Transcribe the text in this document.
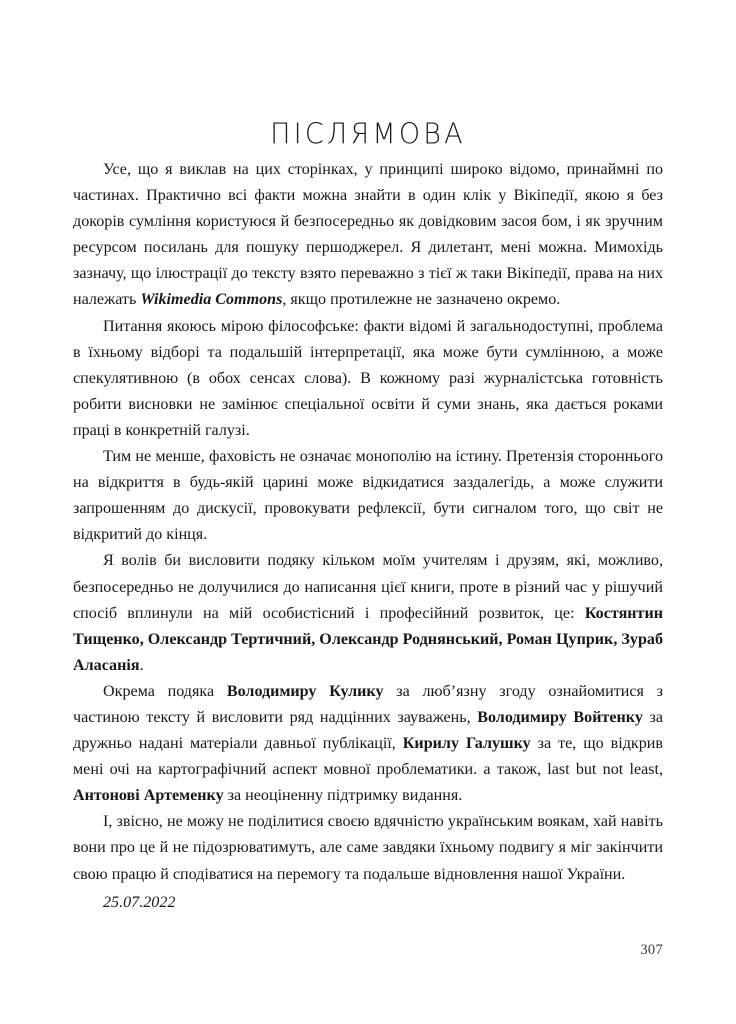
ПІСЛЯМОВА

Усе, що я виклав на цих сторінках, у принципі широко відомо, принаймні по частинах. Практично всі факти можна знайти в один клік у Вікіпедії, якою я без докорів сумління користуюся й безпосередньо як довідковим засоя бом, і як зручним ресурсом посилань для пошуку першоджерел. Я дилетант, мені можна. Мимохідь зазначу, що ілюстрації до тексту взято переважно з тієї ж таки Вікіпедії, права на них належать Wikimedia Commons, якщо протилежне не зазначено окремо.

Питання якоюсь мірою філософське: факти відомі й загальнодоступні, проблема в їхньому відборі та подальшій інтерпретації, яка може бути сумлінною, а може спекулятивною (в обох сенсах слова). В кожному разі журналістська готовність робити висновки не замінює спеціальної освіти й суми знань, яка дається роками праці в конкретній галузі.

Тим не менше, фаховість не означає монополію на істину. Претензія стороннього на відкриття в будь-якій царині може відкидатися заздалегідь, а може служити запрошенням до дискусії, провокувати рефлексії, бути сигналом того, що світ не відкритий до кінця.

Я волів би висловити подяку кільком моїм учителям і друзям, які, можливо, безпосередньо не долучилися до написання цієї книги, проте в різний час у рішучий спосіб вплинули на мій особистісний і професійний розвиток, це: Костянтин Тищенко, Олександр Тертичний, Олександр Роднянський, Роман Цуприк, Зураб Аласанія.

Окрема подяка Володимиру Кулику за люб’язну згоду ознайомитися з частиною тексту й висловити ряд надцінних зауважень, Володимиру Войтенку за дружньо надані матеріали давньої публікації, Кирилу Галушку за те, що відкрив мені очі на картографічний аспект мовної проблематики. а також, last but not least, Антонові Артеменку за неоціненну підтримку видання.

І, звісно, не можу не поділитися своєю вдячністю українським воякам, хай навіть вони про це й не підозрюватимуть, але саме завдяки їхньому подвигу я міг закінчити свою працю й сподіватися на перемогу та подальше відновлення нашої України.

25.07.2022

307
